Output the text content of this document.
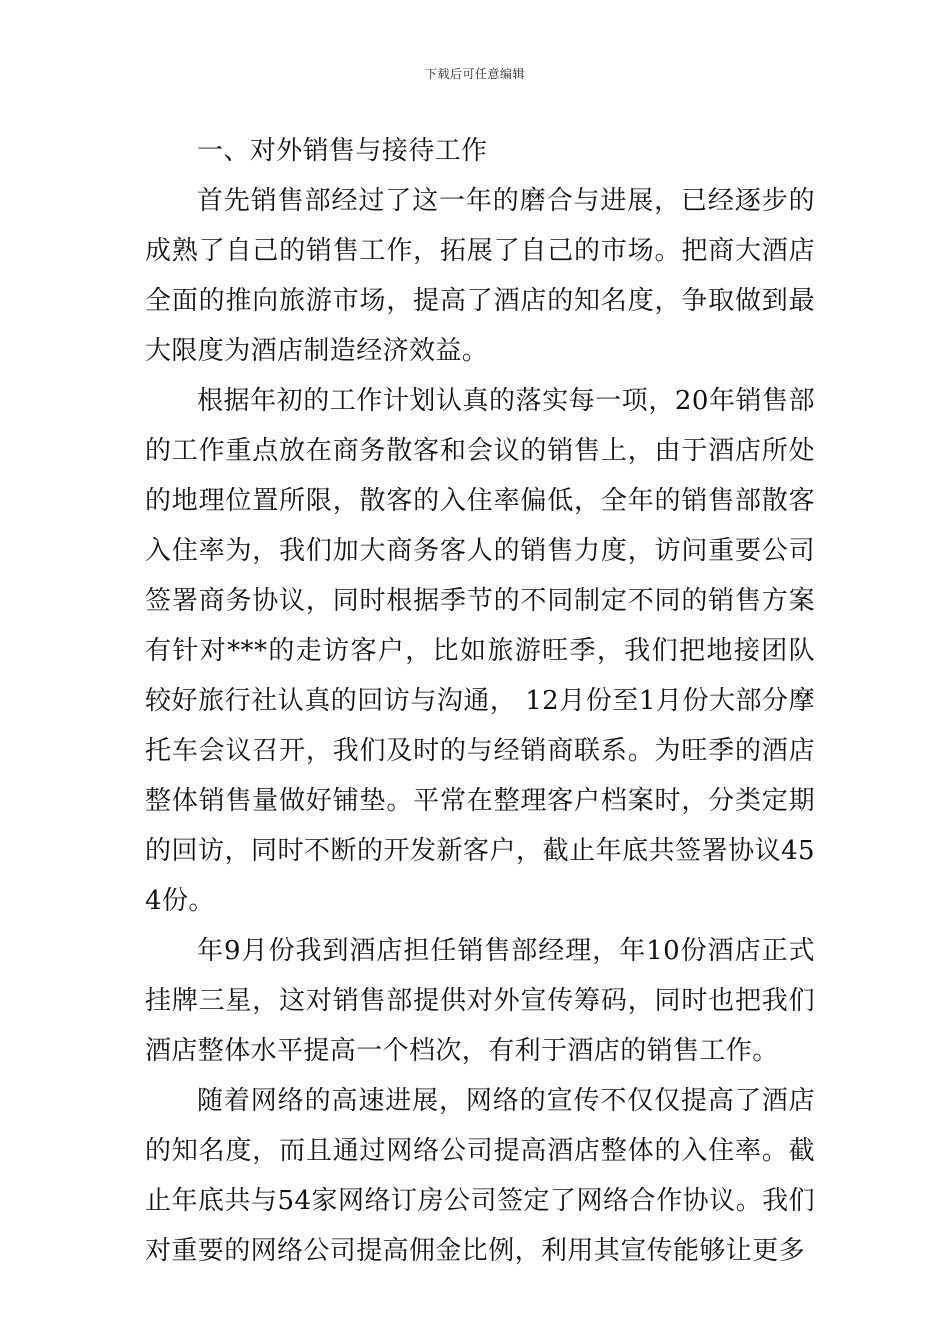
下载后可任意编辑

一、对外销售与接待工作

首先销售部经过了这一年的磨合与进展，已经逐步的成熟了自己的销售工作，拓展了自己的市场。把商大酒店全面的推向旅游市场，提高了酒店的知名度，争取做到最大限度为酒店制造经济效益。

根据年初的工作计划认真的落实每一项，20年销售部的工作重点放在商务散客和会议的销售上，由于酒店所处的地理位置所限，散客的入住率偏低，全年的销售部散客入住率为，我们加大商务客人的销售力度，访问重要公司签署商务协议，同时根据季节的不同制定不同的销售方案有针对***的走访客户，比如旅游旺季，我们把地接团队较好旅行社认真的回访与沟通， 12月份至1月份大部分摩托车会议召开，我们及时的与经销商联系。为旺季的酒店整体销售量做好铺垫。平常在整理客户档案时，分类定期的回访，同时不断的开发新客户，截止年底共签署协议454份。

年9月份我到酒店担任销售部经理，年10份酒店正式挂牌三星，这对销售部提供对外宣传筹码，同时也把我们酒店整体水平提高一个档次，有利于酒店的销售工作。

随着网络的高速进展，网络的宣传不仅仅提高了酒店的知名度，而且通过网络公司提高酒店整体的入住率。截止年底共与54家网络订房公司签定了网络合作协议。我们对重要的网络公司提高佣金比例，利用其宣传能够让更多
